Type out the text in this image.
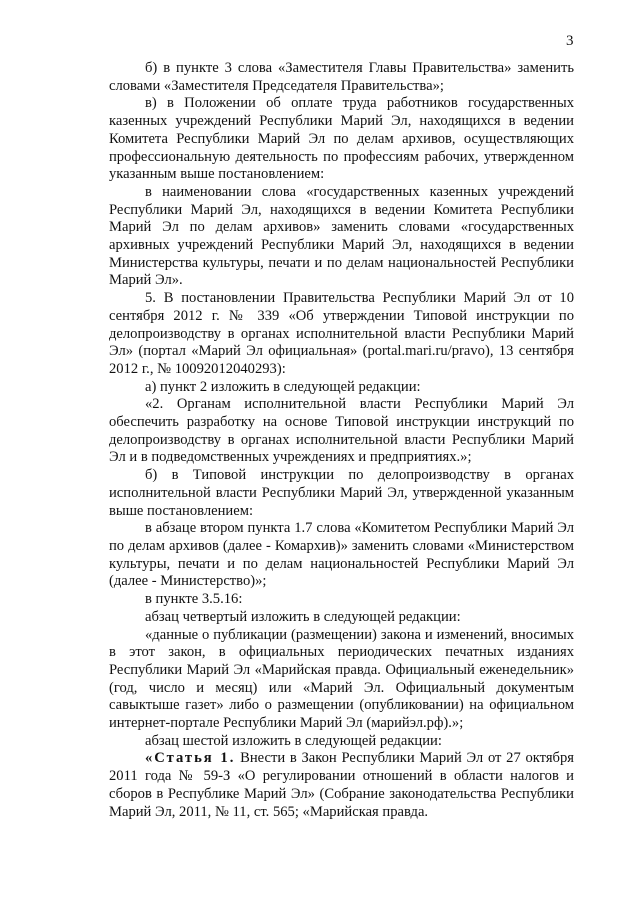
3

б) в пункте 3 слова «Заместителя Главы Правительства» заменить словами «Заместителя Председателя Правительства»;

в) в Положении об оплате труда работников государственных казенных учреждений Республики Марий Эл, находящихся в ведении Комитета Республики Марий Эл по делам архивов, осуществляющих профессиональную деятельность по профессиям рабочих, утвержденном указанным выше постановлением:

в наименовании слова «государственных казенных учреждений Республики Марий Эл, находящихся в ведении Комитета Республики Марий Эл по делам архивов» заменить словами «государственных архивных учреждений Республики Марий Эл, находящихся в ведении Министерства культуры, печати и по делам национальностей Республики Марий Эл».

5. В постановлении Правительства Республики Марий Эл от 10 сентября 2012 г. № 339 «Об утверждении Типовой инструкции по делопроизводству в органах исполнительной власти Республики Марий Эл» (портал «Марий Эл официальная» (portal.mari.ru/pravo), 13 сентября 2012 г., № 10092012040293):

а) пункт 2 изложить в следующей редакции:

«2. Органам исполнительной власти Республики Марий Эл обеспечить разработку на основе Типовой инструкции инструкций по делопроизводству в органах исполнительной власти Республики Марий Эл и в подведомственных учреждениях и предприятиях.»;

б) в Типовой инструкции по делопроизводству в органах исполнительной власти Республики Марий Эл, утвержденной указанным выше постановлением:

в абзаце втором пункта 1.7 слова «Комитетом Республики Марий Эл по делам архивов (далее - Комархив)» заменить словами «Министерством культуры, печати и по делам национальностей Республики Марий Эл (далее - Министерство)»;

в пункте 3.5.16:

абзац четвертый изложить в следующей редакции:

«данные о публикации (размещении) закона и изменений, вносимых в этот закон, в официальных периодических печатных изданиях Республики Марий Эл «Марийская правда. Официальный еженедельник» (год, число и месяц) или «Марий Эл. Официальный документым савыктыше газет» либо о размещении (опубликовании) на официальном интернет-портале Республики Марий Эл (марийэл.рф).»;

абзац шестой изложить в следующей редакции:

«Статья 1. Внести в Закон Республики Марий Эл от 27 октября 2011 года № 59-З «О регулировании отношений в области налогов и сборов в Республике Марий Эл» (Собрание законодательства Республики Марий Эл, 2011, № 11, ст. 565; «Марийская правда.
